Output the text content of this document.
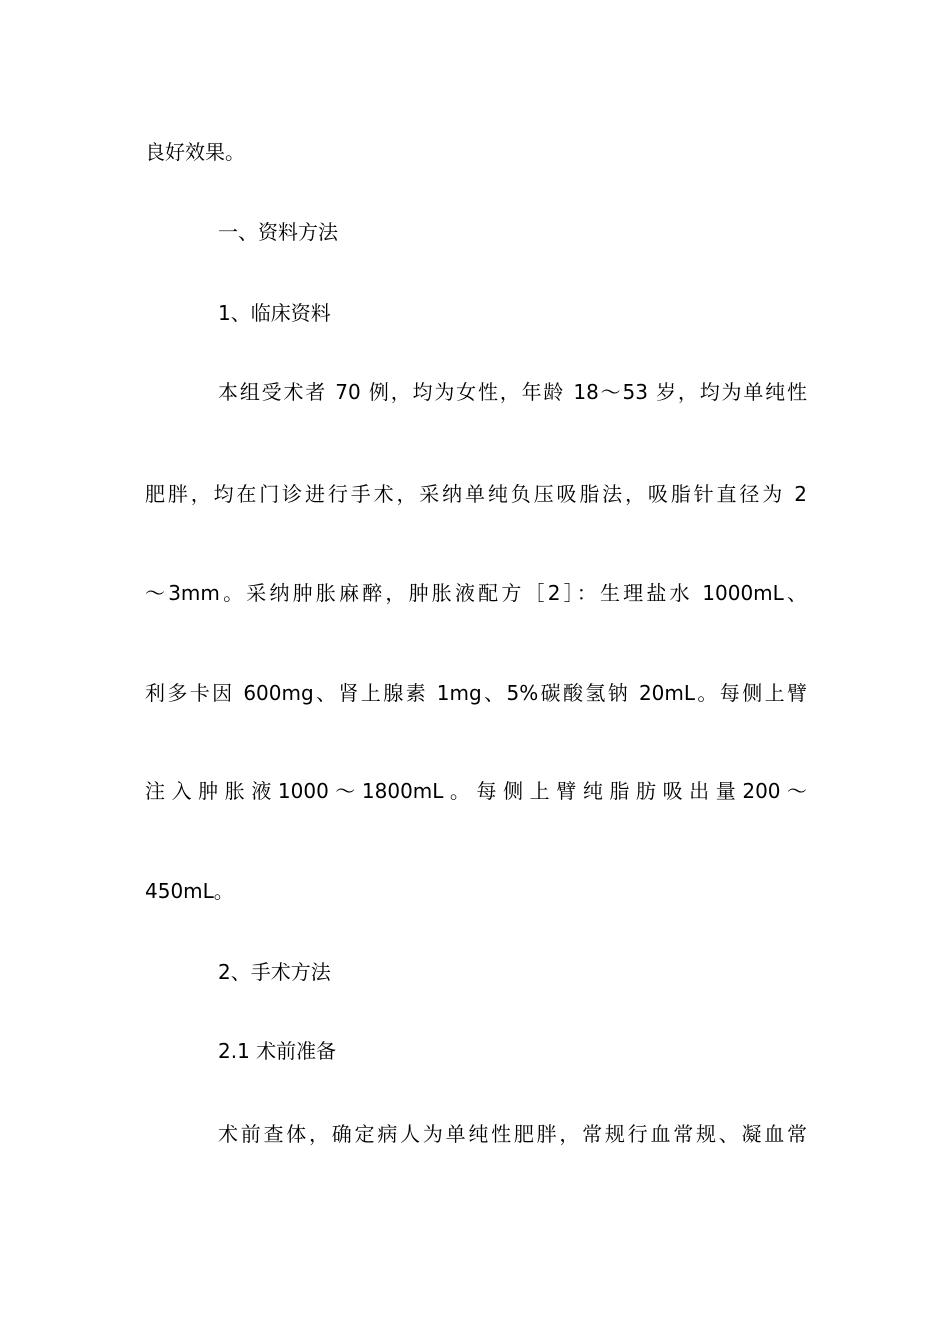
良好效果。
一、资料方法
1、临床资料
本组受术者 70 例，均为女性，年龄 18～53 岁，均为单纯性
肥胖，均在门诊进行手术，采纳单纯负压吸脂法，吸脂针直径为 2
～3mm。采纳肿胀麻醉，肿胀液配方［2］：生理盐水 1000mL、
利多卡因 600mg、肾上腺素 1mg、5%碳酸氢钠 20mL。每侧上臂
注 入 肿 胀 液 1000 ～ 1800mL 。 每 侧 上 臂 纯 脂 肪 吸 出 量 200 ～
450mL。
2、手术方法
2.1 术前准备
术前查体，确定病人为单纯性肥胖，常规行血常规、凝血常
